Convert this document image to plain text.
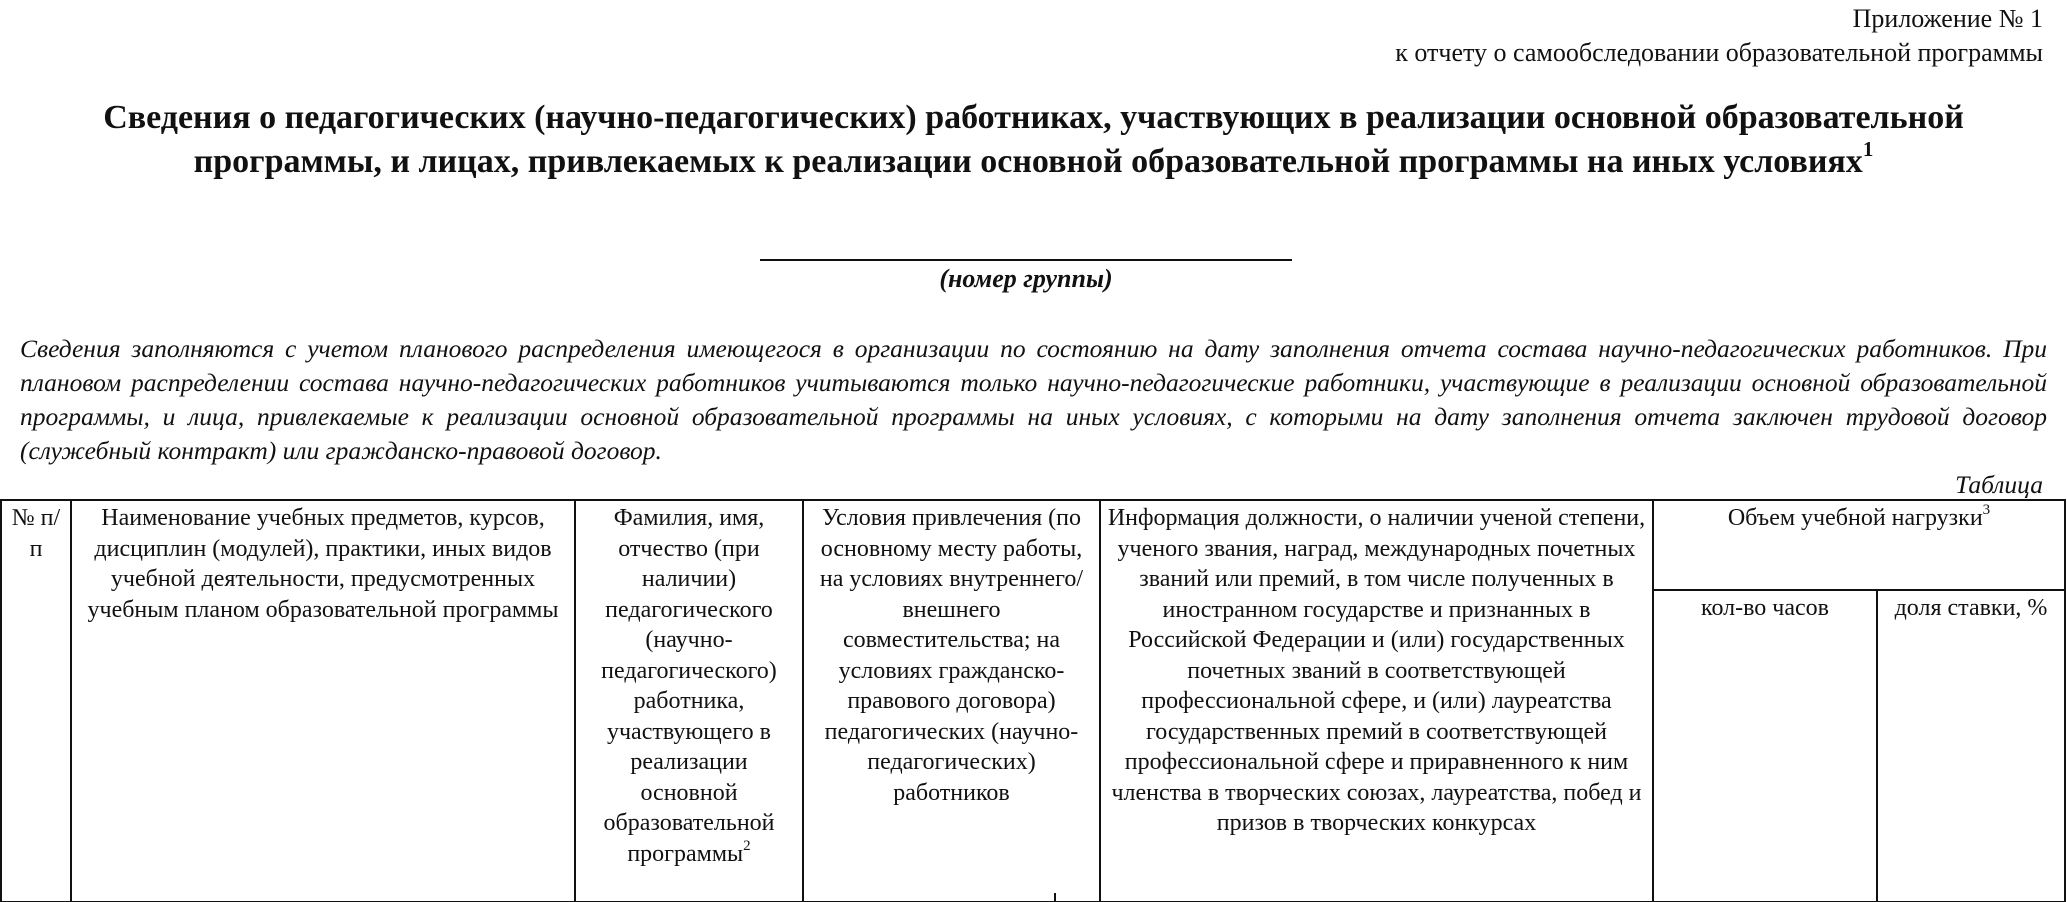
Приложение № 1
к отчету о самообследовании образовательной программы
Сведения о педагогических (научно-педагогических) работниках, участвующих в реализации основной образовательной
программы, и лицах, привлекаемых к реализации основной образовательной программы на иных условиях$^1$
(номер группы)
Сведения заполняются с учетом планового распределения имеющегося в организации по состоянию на дату заполнения отчета состава научно-педагогических работников. При плановом распределении состава научно-педагогических работников учитываются только научно-педагогические работники, участвующие в реализации основной образовательной программы, и лица, привлекаемые к реализации основной образовательной программы на иных условиях, с которыми на дату заполнения отчета заключен трудовой договор (служебный контракт) или гражданско-правовой договор.
Таблица
№ п/п	Наименование учебных предметов, курсов, дисциплин (модулей), практики, иных видов учебной деятельности, предусмотренных учебным планом образовательной программы	Фамилия, имя, отчество (при наличии) педагогического (научно-педагогического) работника, участвующего в реализации основной образовательной программы$^2$	Условия привлечения (по основному месту работы, на условиях внутреннего/ внешнего совместительства; на условиях гражданско-правового договора) педагогических (научно-педагогических) работников	Информация должности, о наличии ученой степени, ученого звания, наград, международных почетных званий или премий, в том числе полученных в иностранном государстве и признанных в Российской Федерации и (или) государственных почетных званий в соответствующей профессиональной сфере, и (или) лауреатства государственных премий в соответствующей профессиональной сфере и приравненного к ним членства в творческих союзах, лауреатства, побед и призов в творческих конкурсах	Объем учебной нагрузки$^3$
					кол-во часов	доля ставки, %
